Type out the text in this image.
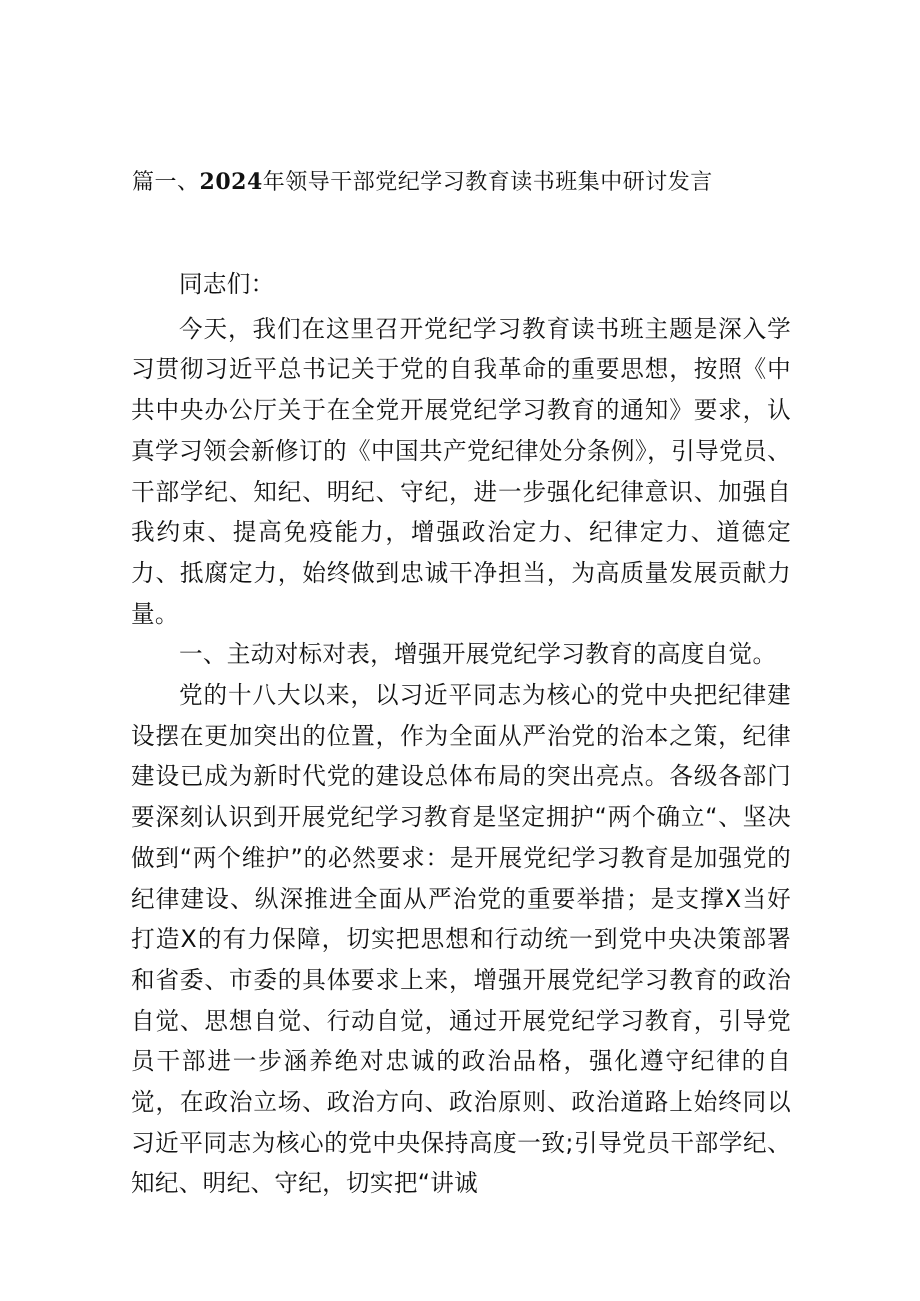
篇一、2024年领导干部党纪学习教育读书班集中研讨发言

同志们：

今天，我们在这里召开党纪学习教育读书班主题是深入学习贯彻习近平总书记关于党的自我革命的重要思想，按照《中共中央办公厅关于在全党开展党纪学习教育的通知》要求，认真学习领会新修订的《中国共产党纪律处分条例》，引导党员、干部学纪、知纪、明纪、守纪，进一步强化纪律意识、加强自我约束、提高免疫能力，增强政治定力、纪律定力、道德定力、抵腐定力，始终做到忠诚干净担当，为高质量发展贡献力量。

一、主动对标对表，增强开展党纪学习教育的高度自觉。

党的十八大以来，以习近平同志为核心的党中央把纪律建设摆在更加突出的位置，作为全面从严治党的治本之策，纪律建设已成为新时代党的建设总体布局的突出亮点。各级各部门要深刻认识到开展党纪学习教育是坚定拥护“两个确立“、坚决做到“两个维护”的必然要求：是开展党纪学习教育是加强党的纪律建设、纵深推进全面从严治党的重要举措；是支撑X当好打造X的有力保障，切实把思想和行动统一到党中央决策部署和省委、市委的具体要求上来，增强开展党纪学习教育的政治自觉、思想自觉、行动自觉，通过开展党纪学习教育，引导党员干部进一步涵养绝对忠诚的政治品格，强化遵守纪律的自觉，在政治立场、政治方向、政治原则、政治道路上始终同以习近平同志为核心的党中央保持高度一致;引导党员干部学纪、知纪、明纪、守纪，切实把“讲诚
